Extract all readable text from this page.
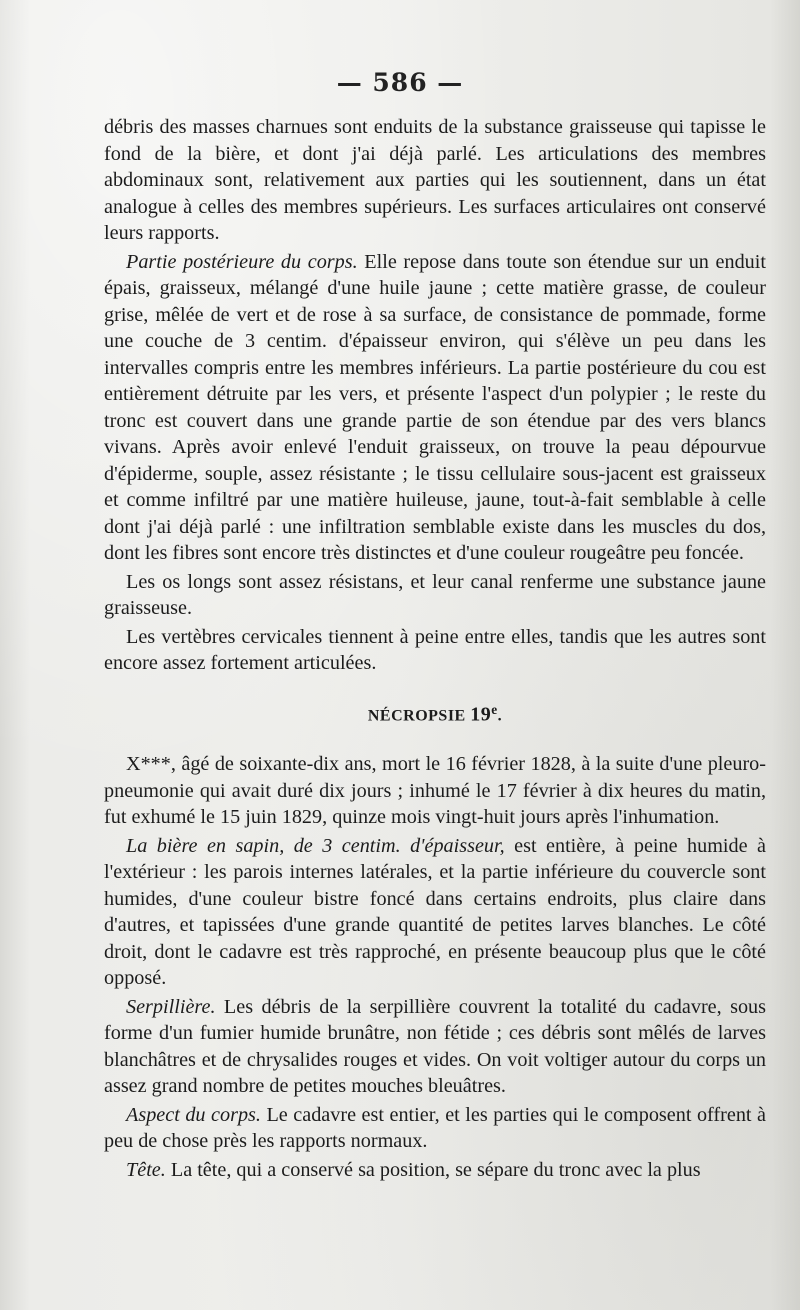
— 586 —

débris des masses charnues sont enduits de la substance graisseuse qui tapisse le fond de la bière, et dont j'ai déjà parlé. Les articulations des membres abdominaux sont, relativement aux parties qui les soutiennent, dans un état analogue à celles des membres supérieurs. Les surfaces articulaires ont conservé leurs rapports.

Partie postérieure du corps. Elle repose dans toute son étendue sur un enduit épais, graisseux, mélangé d'une huile jaune ; cette matière grasse, de couleur grise, mêlée de vert et de rose à sa surface, de consistance de pommade, forme une couche de 3 centim. d'épaisseur environ, qui s'élève un peu dans les intervalles compris entre les membres inférieurs. La partie postérieure du cou est entièrement détruite par les vers, et présente l'aspect d'un polypier ; le reste du tronc est couvert dans une grande partie de son étendue par des vers blancs vivans. Après avoir enlevé l'enduit graisseux, on trouve la peau dépourvue d'épiderme, souple, assez résistante ; le tissu cellulaire sous-jacent est graisseux et comme infiltré par une matière huileuse, jaune, tout-à-fait semblable à celle dont j'ai déjà parlé : une infiltration semblable existe dans les muscles du dos, dont les fibres sont encore très distinctes et d'une couleur rougeâtre peu foncée.

Les os longs sont assez résistans, et leur canal renferme une substance jaune graisseuse.

Les vertèbres cervicales tiennent à peine entre elles, tandis que les autres sont encore assez fortement articulées.

NÉCROPSIE 19e.

X***, âgé de soixante-dix ans, mort le 16 février 1828, à la suite d'une pleuro-pneumonie qui avait duré dix jours ; inhumé le 17 février à dix heures du matin, fut exhumé le 15 juin 1829, quinze mois vingt-huit jours après l'inhumation.

La bière en sapin, de 3 centim. d'épaisseur, est entière, à peine humide à l'extérieur : les parois internes latérales, et la partie inférieure du couvercle sont humides, d'une couleur bistre foncé dans certains endroits, plus claire dans d'autres, et tapissées d'une grande quantité de petites larves blanches. Le côté droit, dont le cadavre est très rapproché, en présente beaucoup plus que le côté opposé.

Serpillière. Les débris de la serpillière couvrent la totalité du cadavre, sous forme d'un fumier humide brunâtre, non fétide ; ces débris sont mêlés de larves blanchâtres et de chrysalides rouges et vides. On voit voltiger autour du corps un assez grand nombre de petites mouches bleuâtres.

Aspect du corps. Le cadavre est entier, et les parties qui le composent offrent à peu de chose près les rapports normaux.

Tête. La tête, qui a conservé sa position, se sépare du tronc avec la plus
